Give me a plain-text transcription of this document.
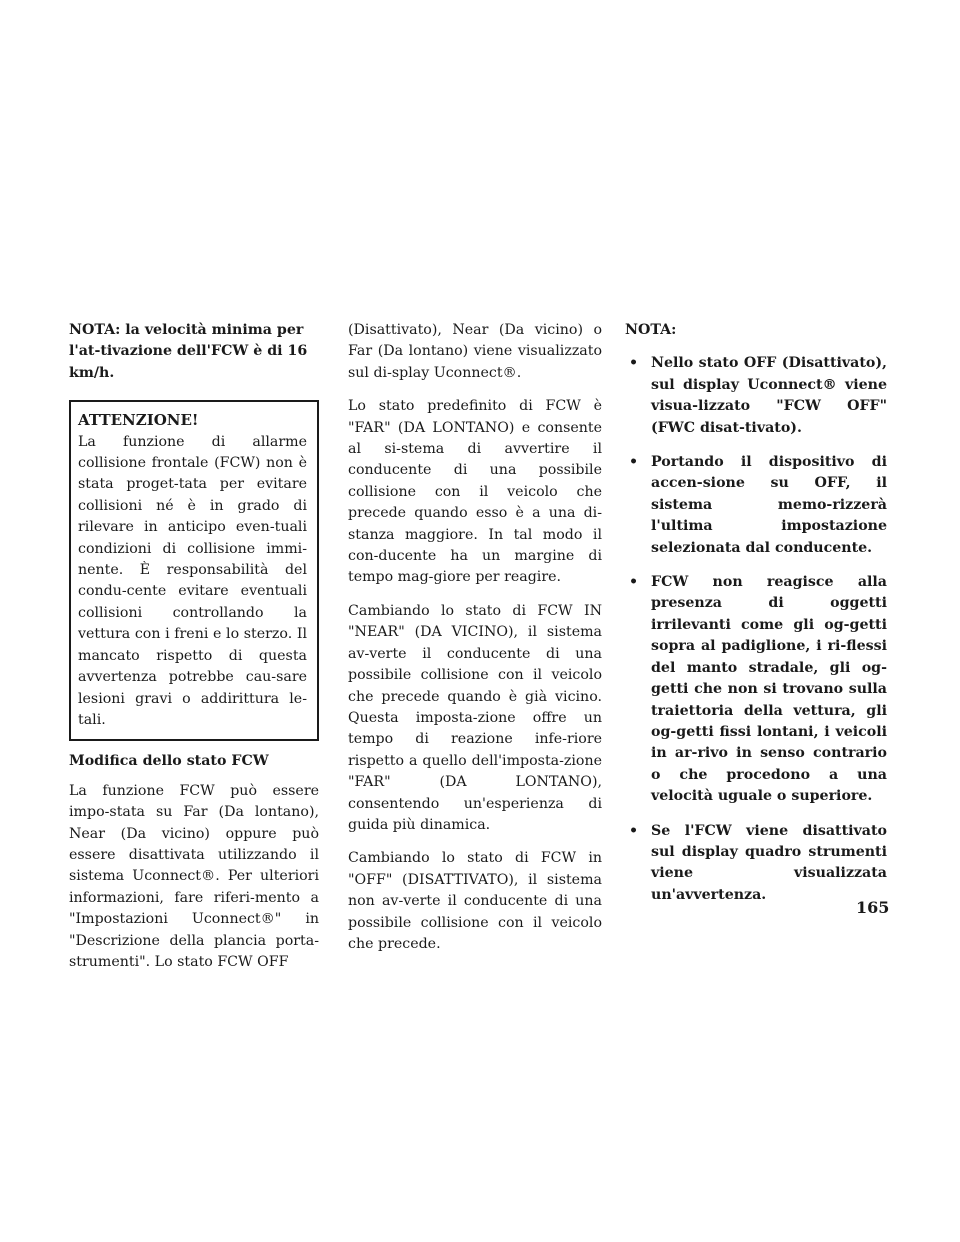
NOTA: la velocità minima per l'at-tivazione dell'FCW è di 16 km/h.

ATTENZIONE!

La funzione di allarme collisione frontale (FCW) non è stata proget-tata per evitare collisioni né è in grado di rilevare in anticipo even-tuali condizioni di collisione immi-nente. È responsabilità del condu-cente evitare eventuali collisioni controllando la vettura con i freni e lo sterzo. Il mancato rispetto di questa avvertenza potrebbe cau-sare lesioni gravi o addirittura le-tali.

Modifica dello stato FCW

La funzione FCW può essere impo-stata su Far (Da lontano), Near (Da vicino) oppure può essere disattivata utilizzando il sistema Uconnect®. Per ulteriori informazioni, fare riferi-mento a "Impostazioni Uconnect®" in "Descrizione della plancia porta-strumenti". Lo stato FCW OFF

(Disattivato), Near (Da vicino) o Far (Da lontano) viene visualizzato sul di-splay Uconnect®.

Lo stato predefinito di FCW è "FAR" (DA LONTANO) e consente al si-stema di avvertire il conducente di una possibile collisione con il veicolo che precede quando esso è a una di-stanza maggiore. In tal modo il con-ducente ha un margine di tempo mag-giore per reagire.

Cambiando lo stato di FCW IN "NEAR" (DA VICINO), il sistema av-verte il conducente di una possibile collisione con il veicolo che precede quando è già vicino. Questa imposta-zione offre un tempo di reazione infe-riore rispetto a quello dell'imposta-zione "FAR" (DA LONTANO), consentendo un'esperienza di guida più dinamica.

Cambiando lo stato di FCW in "OFF" (DISATTIVATO), il sistema non av-verte il conducente di una possibile collisione con il veicolo che precede.

NOTA:

• Nello stato OFF (Disattivato), sul display Uconnect® viene visua-lizzato "FCW OFF" (FWC disat-tivato).
• Portando il dispositivo di accen-sione su OFF, il sistema memo-rizzerà l'ultima impostazione selezionata dal conducente.
• FCW non reagisce alla presenza di oggetti irrilevanti come gli og-getti sopra al padiglione, i ri-flessi del manto stradale, gli og-getti che non si trovano sulla traiettoria della vettura, gli og-getti fissi lontani, i veicoli in ar-rivo in senso contrario o che procedono a una velocità uguale o superiore.
• Se l'FCW viene disattivato sul display quadro strumenti viene visualizzata un'avvertenza.
165
